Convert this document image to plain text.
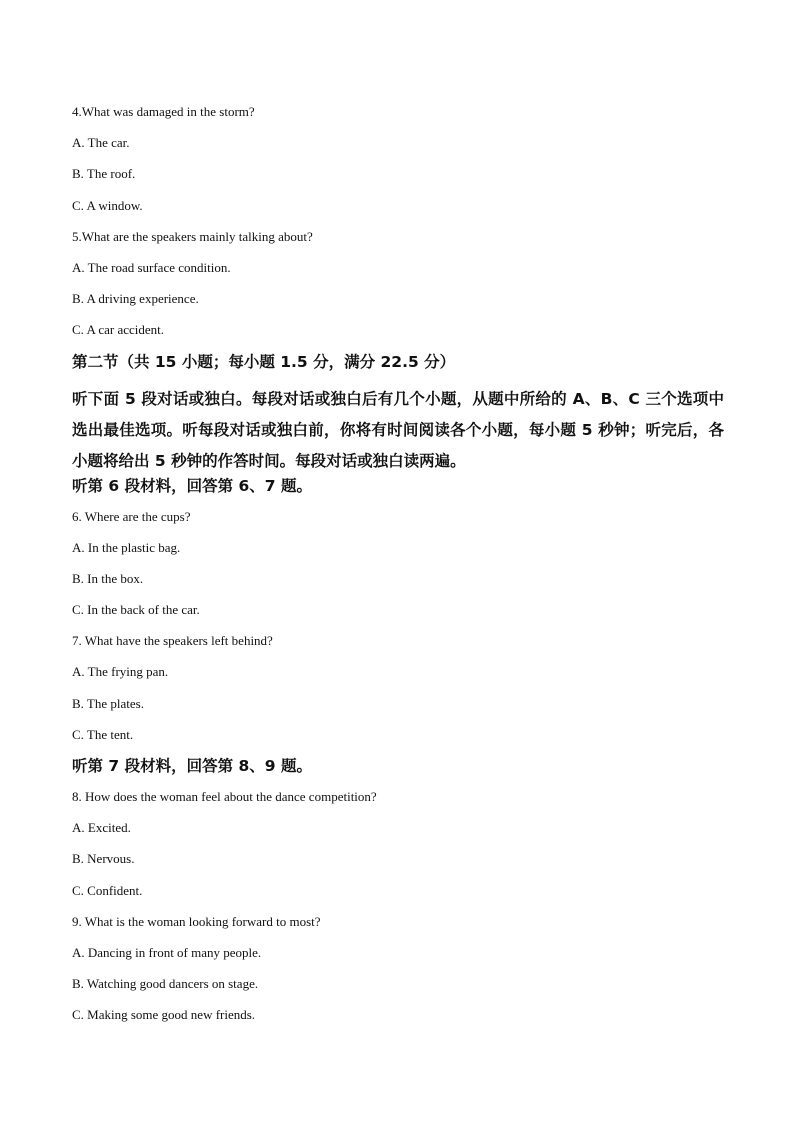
4.What was damaged in the storm?
A. The car.
B. The roof.
C. A window.
5.What are the speakers mainly talking about?
A. The road surface condition.
B. A driving experience.
C. A car accident.
第二节（共 15 小题；每小题 1.5 分，满分 22.5 分）

听下面 5 段对话或独白。每段对话或独白后有几个小题，从题中所给的 A、B、C 三个选项中选出最佳选项。听每段对话或独白前，你将有时间阅读各个小题，每小题 5 秒钟；听完后，各小题将给出 5 秒钟的作答时间。每段对话或独白读两遍。

听第 6 段材料，回答第 6、7 题。
6. Where are the cups?
A. In the plastic bag.
B. In the box.
C. In the back of the car.
7. What have the speakers left behind?
A. The frying pan.
B. The plates.
C. The tent.
听第 7 段材料，回答第 8、9 题。
8. How does the woman feel about the dance competition?
A. Excited.
B. Nervous.
C. Confident.
9. What is the woman looking forward to most?
A. Dancing in front of many people.
B. Watching good dancers on stage.
C. Making some good new friends.
